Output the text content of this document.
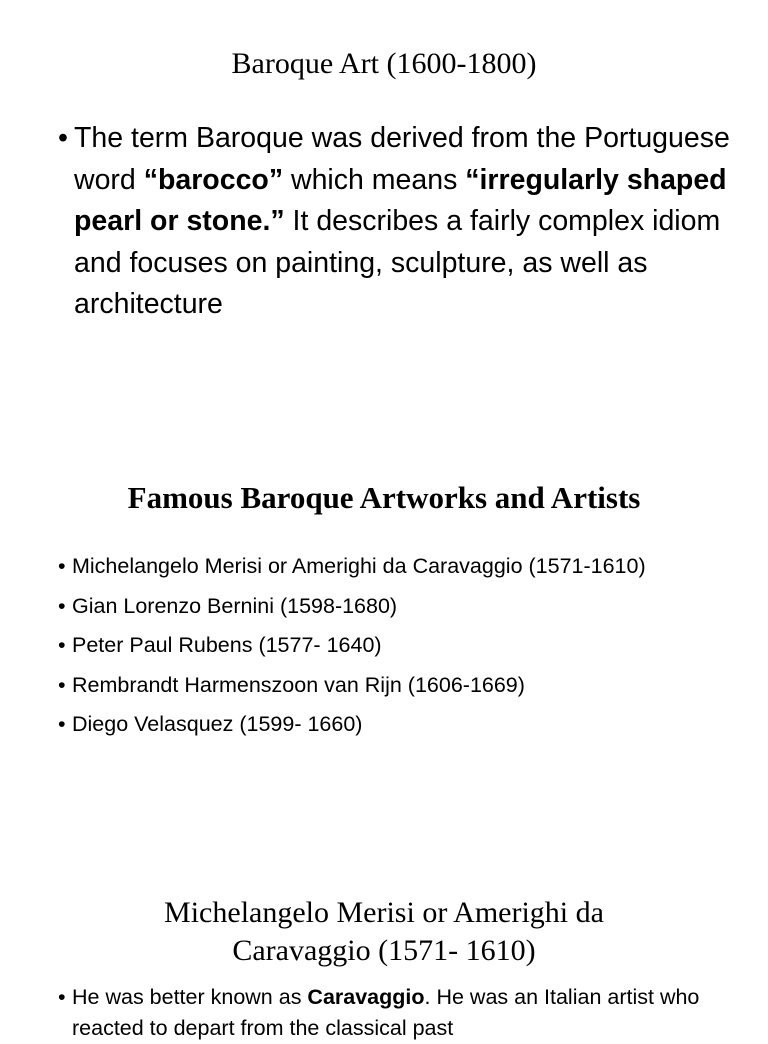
Baroque Art (1600-1800)
• The term Baroque was derived from the Portuguese word “barocco” which means “irregularly shaped pearl or stone.” It describes a fairly complex idiom and focuses on painting, sculpture, as well as architecture
Famous Baroque Artworks and Artists
• Michelangelo Merisi or Amerighi da Caravaggio (1571-1610)
• Gian Lorenzo Bernini (1598-1680)
• Peter Paul Rubens (1577- 1640)
• Rembrandt Harmenszoon van Rijn (1606-1669)
• Diego Velasquez (1599- 1660)
Michelangelo Merisi or Amerighi da
Caravaggio (1571- 1610)
• He was better known as Caravaggio. He was an Italian artist who reacted to depart from the classical past
